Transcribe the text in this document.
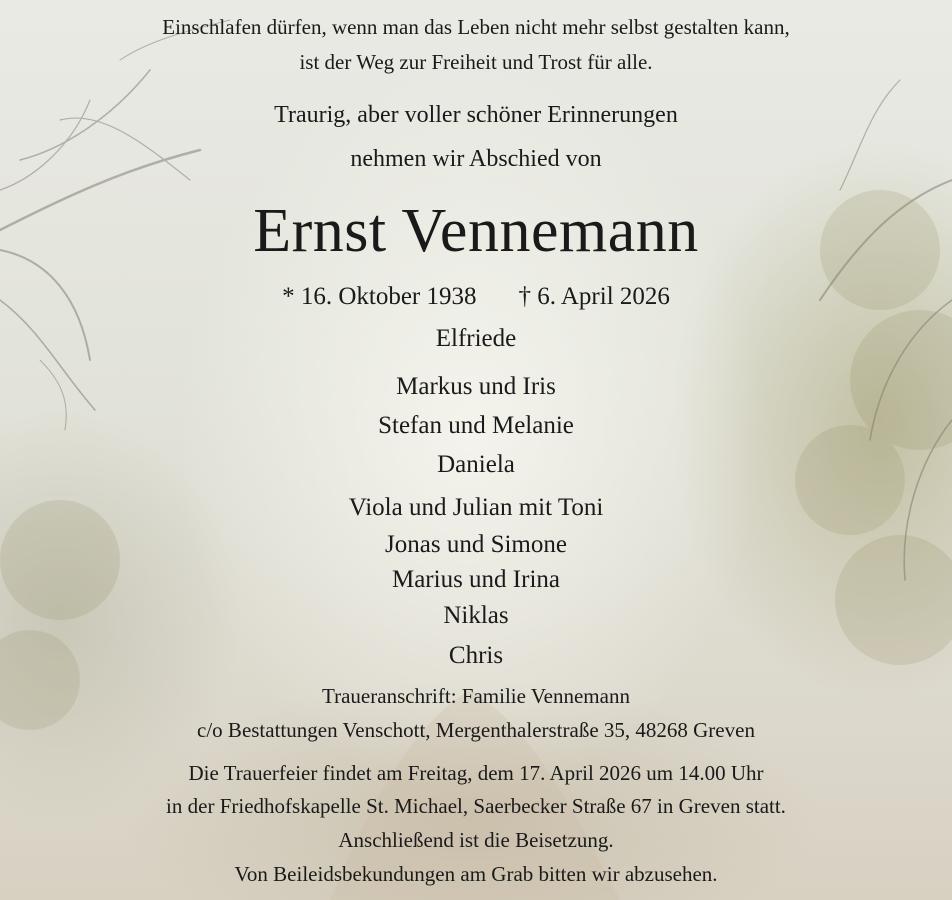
Einschlafen dürfen, wenn man das Leben nicht mehr selbst gestalten kann,
ist der Weg zur Freiheit und Trost für alle.
Traurig, aber voller schöner Erinnerungen
nehmen wir Abschied von
Ernst Vennemann
* 16. Oktober 1938 † 6. April 2026
Elfriede
Markus und Iris
Stefan und Melanie
Daniela
Viola und Julian mit Toni
Jonas und Simone
Marius und Irina
Niklas
Chris
Traueranschrift: Familie Vennemann
c/o Bestattungen Venschott, Mergenthalerstraße 35, 48268 Greven
Die Trauerfeier findet am Freitag, dem 17. April 2026 um 14.00 Uhr
in der Friedhofskapelle St. Michael, Saerbecker Straße 67 in Greven statt.
Anschließend ist die Beisetzung.
Von Beileidsbekundungen am Grab bitten wir abzusehen.
